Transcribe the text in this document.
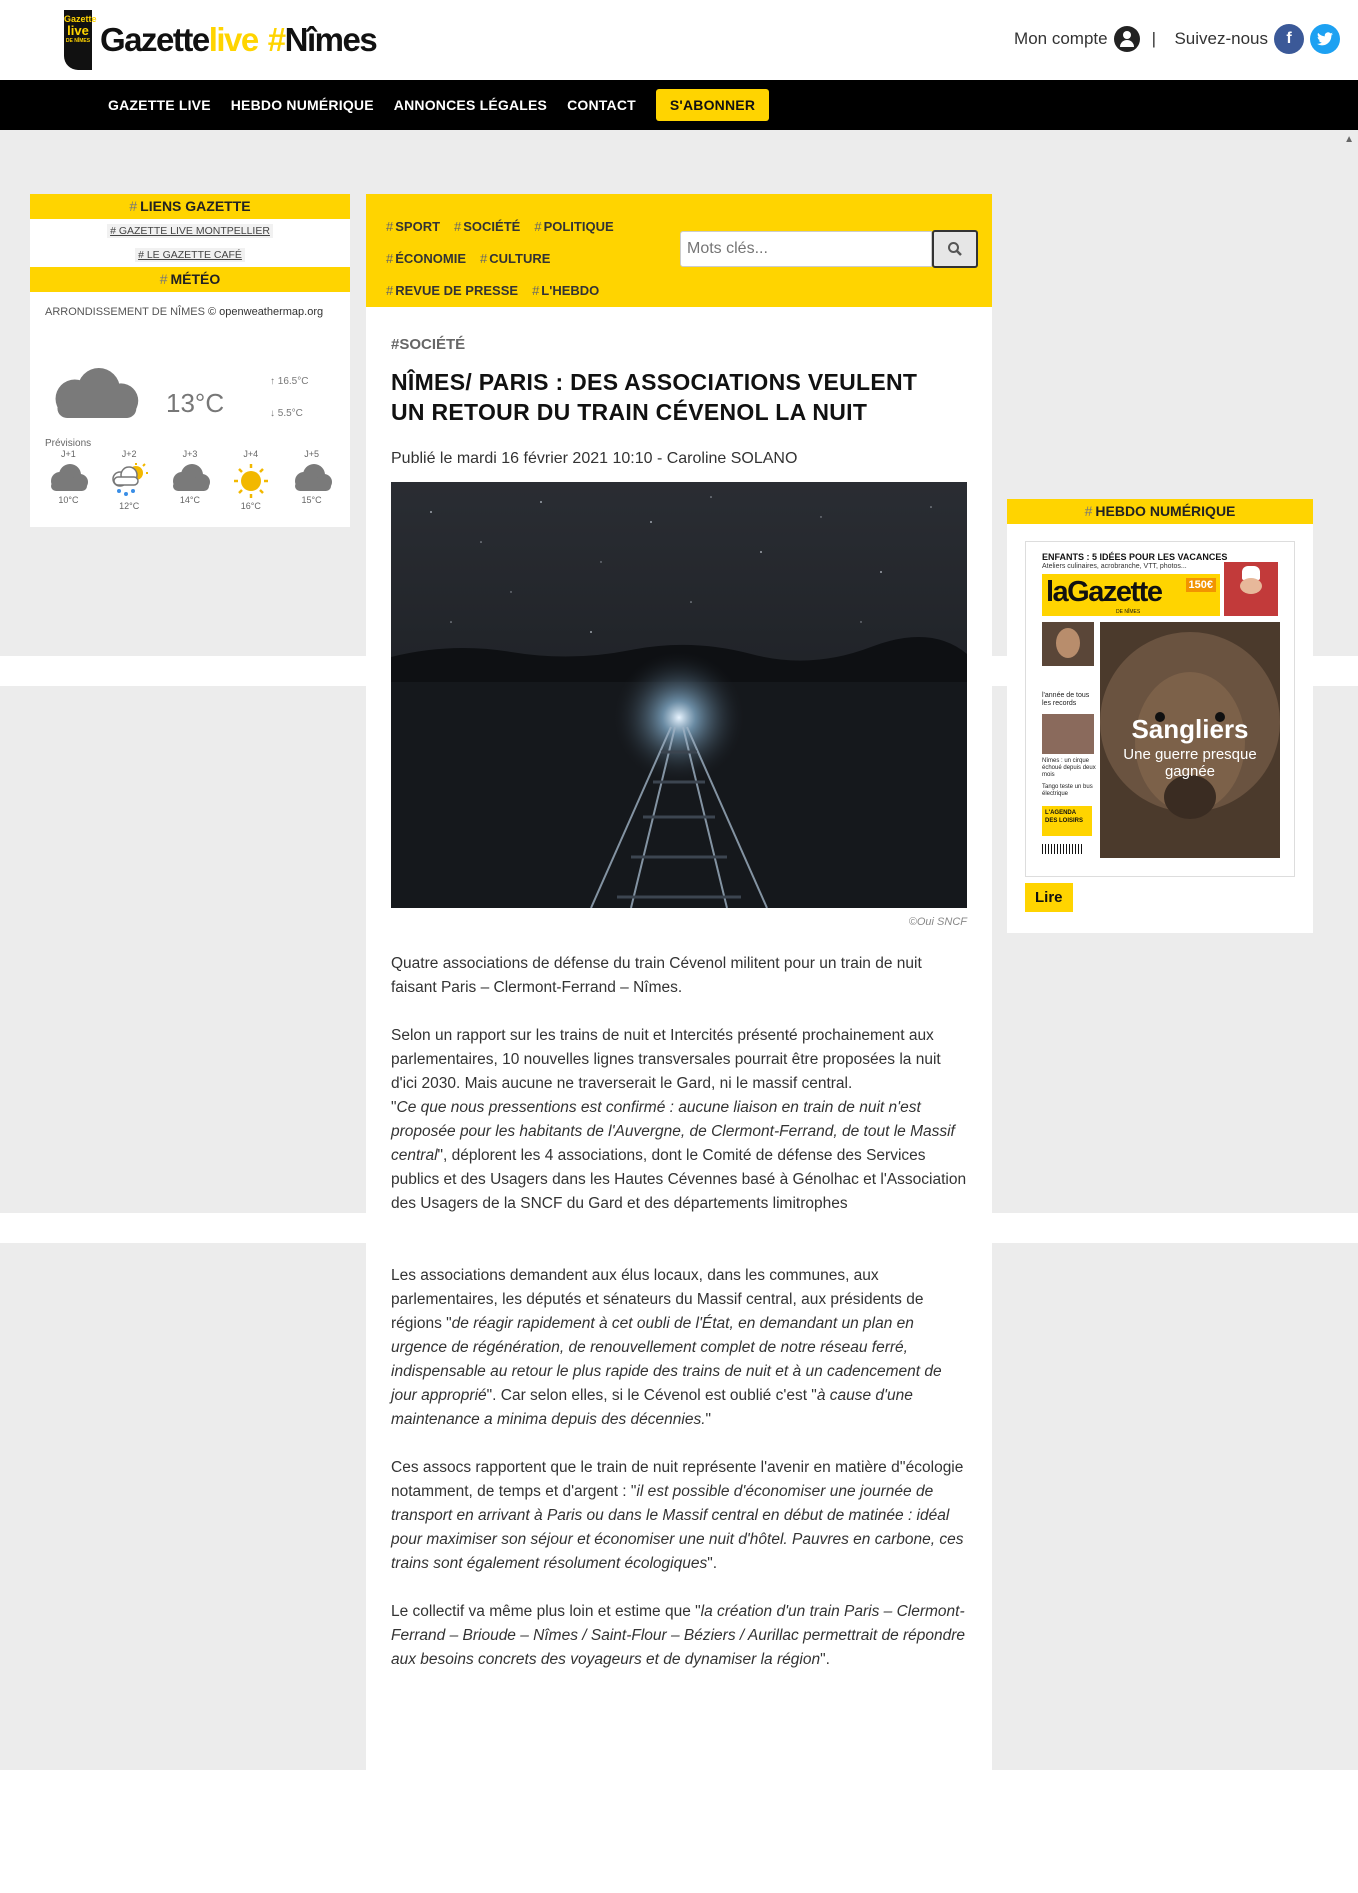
Gazette
live
DE NÎMES Gazettelive #Nîmes	Mon compte	| Suivez-nous	f
GAZETTE LIVE HEBDO NUMÉRIQUE ANNONCES LÉGALES CONTACT	S'ABONNER
▲
# LIENS GAZETTE
# GAZETTE LIVE MONTPELLIER
# LE GAZETTE CAFÉ
# MÉTÉO
ARRONDISSEMENT DE NÎMES © openweathermap.org
13°C
↑ 16.5°C
↓ 5.5°C
Prévisions
J+1
10°C
J+2
12°C
J+3
14°C
J+4
16°C
J+5
15°C
# SPORT # SOCIÉTÉ # POLITIQUE
# ÉCONOMIE # CULTURE
# REVUE DE PRESSE # L'HEBDO
Mots clés...
#SOCIÉTÉ
NÎMES/ PARIS : DES ASSOCIATIONS VEULENT UN RETOUR DU TRAIN CÉVENOL LA NUIT
Publié le mardi 16 février 2021 10:10 - Caroline SOLANO
©Oui SNCF

Quatre associations de défense du train Cévenol militent pour un train de nuit faisant Paris – Clermont-Ferrand – Nîmes.

Selon un rapport sur les trains de nuit et Intercités présenté prochainement aux parlementaires, 10 nouvelles lignes transversales pourrait être proposées la nuit d'ici 2030. Mais aucune ne traverserait le Gard, ni le massif central.

"Ce que nous pressentions est confirmé : aucune liaison en train de nuit n'est proposée pour les habitants de l'Auvergne, de Clermont-Ferrand, de tout le Massif central", déplorent les 4 associations, dont le Comité de défense des Services publics et des Usagers dans les Hautes Cévennes basé à Génolhac et l'Association des Usagers de la SNCF du Gard et des départements limitrophes

Les associations demandent aux élus locaux, dans les communes, aux parlementaires, les députés et sénateurs du Massif central, aux présidents de régions "de réagir rapidement à cet oubli de l'État, en demandant un plan en urgence de régénération, de renouvellement complet de notre réseau ferré, indispensable au retour le plus rapide des trains de nuit et à un cadencement de jour approprié". Car selon elles, si le Cévenol est oublié c'est "à cause d'une maintenance a minima depuis des décennies."

Ces assocs rapportent que le train de nuit représente l'avenir en matière d''écologie notamment, de temps et d'argent : "il est possible d'économiser une journée de transport en arrivant à Paris ou dans le Massif central en début de matinée : idéal pour maximiser son séjour et économiser une nuit d'hôtel. Pauvres en carbone, ces trains sont également résolument écologiques".

Le collectif va même plus loin et estime que "la création d'un train Paris – Clermont-Ferrand – Brioude – Nîmes / Saint-Flour – Béziers / Aurillac permettrait de répondre aux besoins concrets des voyageurs et de dynamiser la région".

# HEBDO NUMÉRIQUE
ENFANTS : 5 IDÉES POUR LES VACANCES
Ateliers culinaires, acrobranche, VTT, photos...
laGazette 150€
DE NÎMES
Sangliers
Une guerre presque gagnée
l'année de tous les records
Nîmes : un cirque échoué depuis deux mois
Tango teste un bus électrique
L'AGENDA DES LOISIRS
Lire
